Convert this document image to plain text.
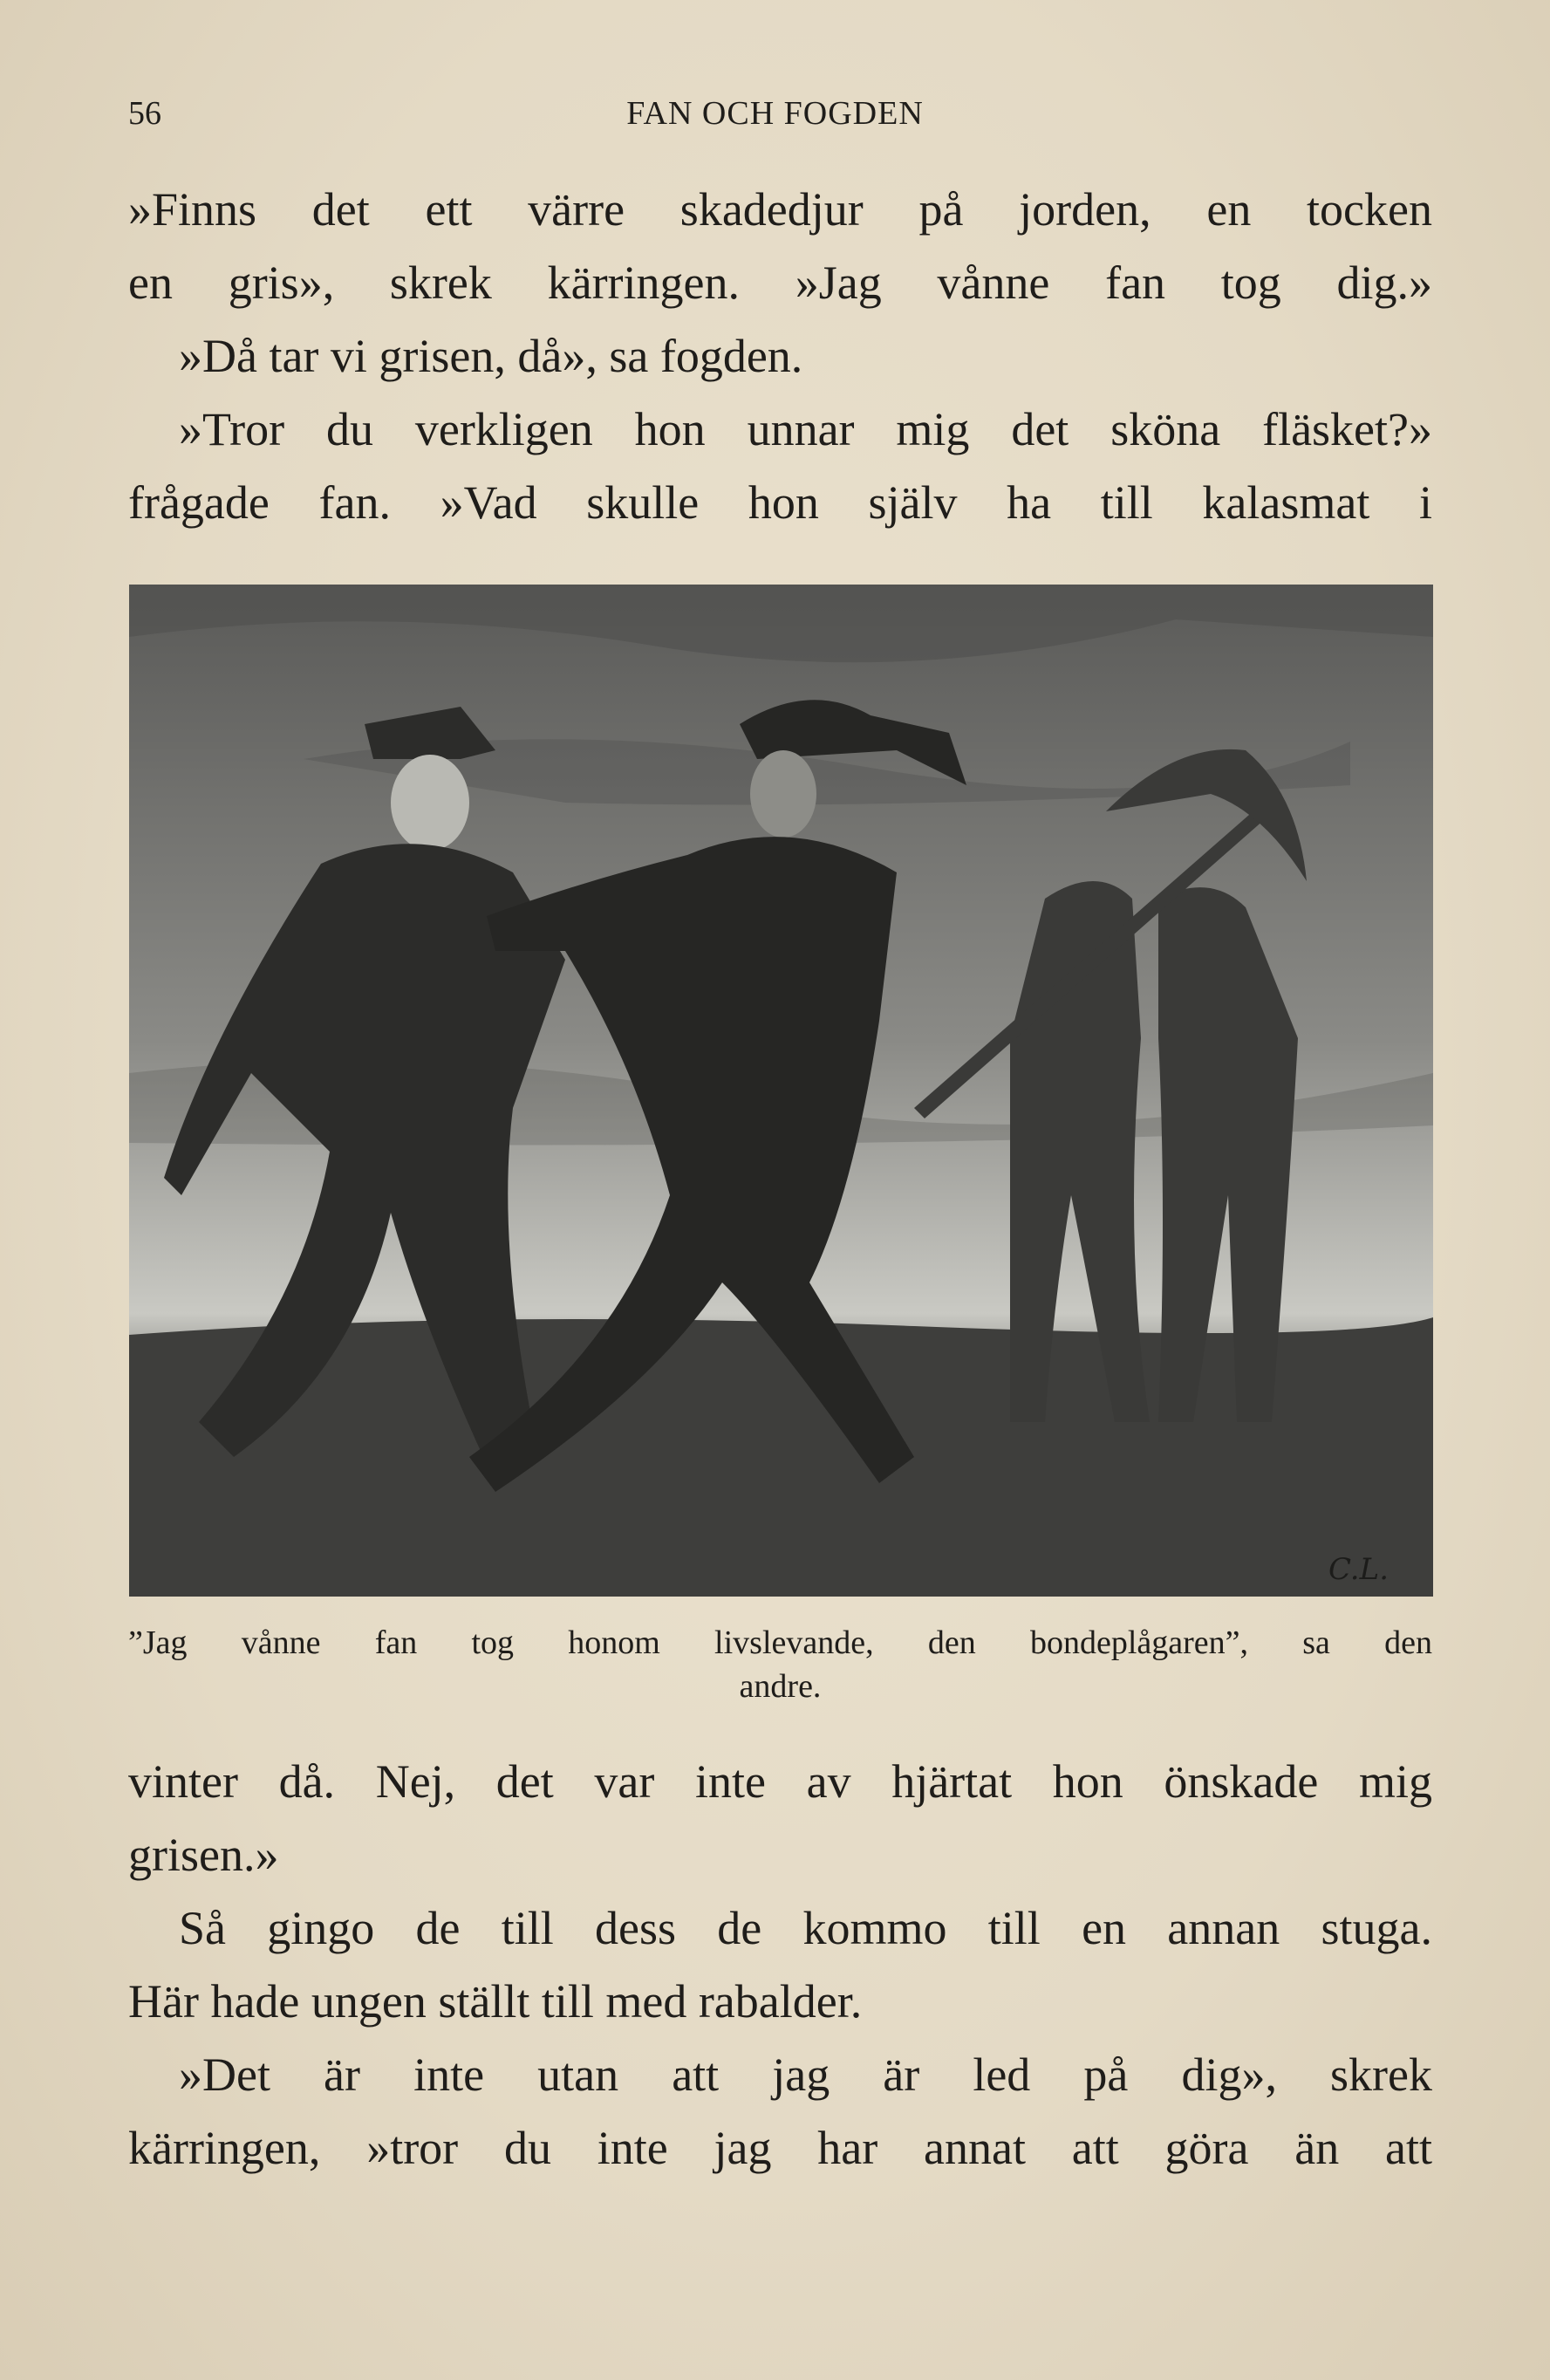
56	FAN OCH FOGDEN
»Finns det ett värre skadedjur på jorden, en tocken
en gris», skrek kärringen. »Jag vånne fan tog dig.»
»Då tar vi grisen, då», sa fogden.
»Tror du verkligen hon unnar mig det sköna fläsket?»
frågade fan. »Vad skulle hon själv ha till kalasmat i
C.L.
”Jag vånne fan tog honom livslevande, den bondeplågaren”, sa den
andre.
vinter då. Nej, det var inte av hjärtat hon önskade mig
grisen.»
Så gingo de till dess de kommo till en annan stuga.
Här hade ungen ställt till med rabalder.
»Det är inte utan att jag är led på dig», skrek
kärringen, »tror du inte jag har annat att göra än att
